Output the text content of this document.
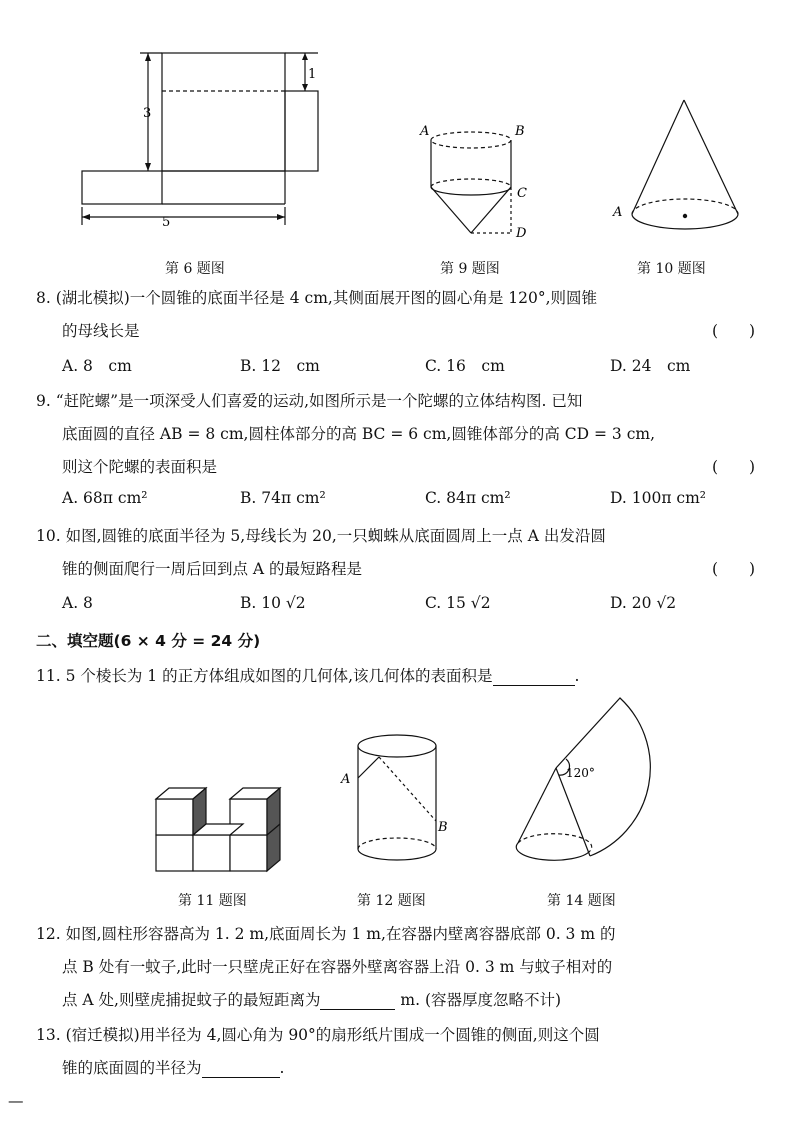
3
1
5
第 6 题图
A	B
C
D
第 9 题图
A
第 10 题图
8. (湖北模拟)一个圆锥的底面半径是 4 cm,其侧面展开图的圆心角是 120°,则圆锥
的母线长是	(　　)
A. 8　cm	B. 12　cm	C. 16　cm	D. 24　cm
9. “赶陀螺”是一项深受人们喜爱的运动,如图所示是一个陀螺的立体结构图. 已知
底面圆的直径 AB = 8 cm,圆柱体部分的高 BC = 6 cm,圆锥体部分的高 CD = 3 cm,
则这个陀螺的表面积是	(　　)
A. 68π cm²	B. 74π cm²	C. 84π cm²	D. 100π cm²
10. 如图,圆锥的底面半径为 5,母线长为 20,一只蜘蛛从底面圆周上一点 A 出发沿圆
锥的侧面爬行一周后回到点 A 的最短路程是	(　　)
A. 8	B. 10 √2	C. 15 √2	D. 20 √2
二、填空题(6 × 4 分 = 24 分)
11. 5 个棱长为 1 的正方体组成如图的几何体,该几何体的表面积是	.
第 11 题图
A
B
第 12 题图
120°
第 14 题图
12. 如图,圆柱形容器高为 1. 2 m,底面周长为 1 m,在容器内壁离容器底部 0. 3 m 的
点 B 处有一蚊子,此时一只壁虎正好在容器外壁离容器上沿 0. 3 m 与蚊子相对的
点 A 处,则壁虎捕捉蚊子的最短距离为	m. (容器厚度忽略不计)
13. (宿迁模拟)用半径为 4,圆心角为 90°的扇形纸片围成一个圆锥的侧面,则这个圆
锥的底面圆的半径为	.
—
